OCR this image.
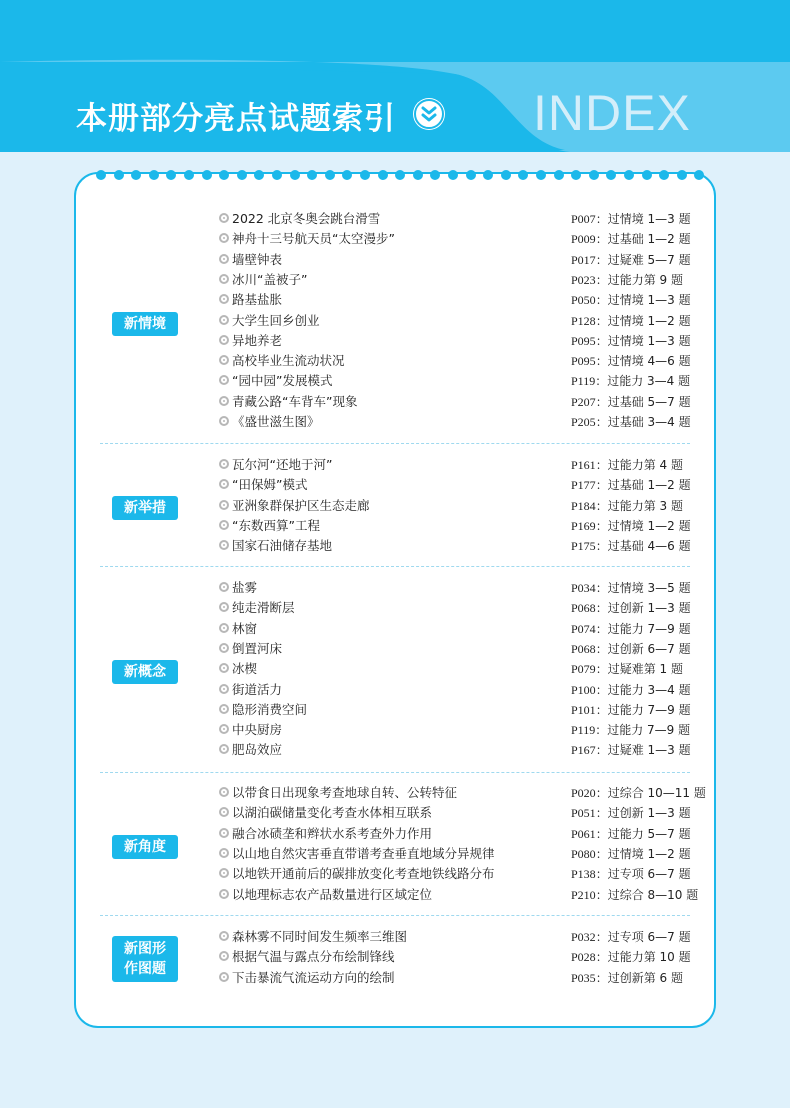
本册部分亮点试题索引	INDEX
新情境
2022 北京冬奥会跳台滑雪	P007：过情境 1—3 题
神舟十三号航天员“太空漫步”	P009：过基础 1—2 题
墙壁钟表	P017：过疑难 5—7 题
冰川“盖被子”	P023：过能力第 9 题
路基盐胀	P050：过情境 1—3 题
大学生回乡创业	P128：过情境 1—2 题
异地养老	P095：过情境 1—3 题
高校毕业生流动状况	P095：过情境 4—6 题
“园中园”发展模式	P119：过能力 3—4 题
青藏公路“车背车”现象	P207：过基础 5—7 题
《盛世滋生图》	P205：过基础 3—4 题
新举措
瓦尔河“还地于河”	P161：过能力第 4 题
“田保姆”模式	P177：过基础 1—2 题
亚洲象群保护区生态走廊	P184：过能力第 3 题
“东数西算”工程	P169：过情境 1—2 题
国家石油储存基地	P175：过基础 4—6 题
新概念
盐雾	P034：过情境 3—5 题
纯走滑断层	P068：过创新 1—3 题
林窗	P074：过能力 7—9 题
倒置河床	P068：过创新 6—7 题
冰楔	P079：过疑难第 1 题
街道活力	P100：过能力 3—4 题
隐形消费空间	P101：过能力 7—9 题
中央厨房	P119：过能力 7—9 题
肥岛效应	P167：过疑难 1—3 题
新角度
以带食日出现象考查地球自转、公转特征	P020：过综合 10—11 题
以湖泊碳储量变化考查水体相互联系	P051：过创新 1—3 题
融合冰碛垄和辫状水系考查外力作用	P061：过能力 5—7 题
以山地自然灾害垂直带谱考查垂直地域分异规律	P080：过情境 1—2 题
以地铁开通前后的碳排放变化考查地铁线路分布	P138：过专项 6—7 题
以地理标志农产品数量进行区域定位	P210：过综合 8—10 题
新图形
作图题
森林雾不同时间发生频率三维图	P032：过专项 6—7 题
根据气温与露点分布绘制锋线	P028：过能力第 10 题
下击暴流气流运动方向的绘制	P035：过创新第 6 题
